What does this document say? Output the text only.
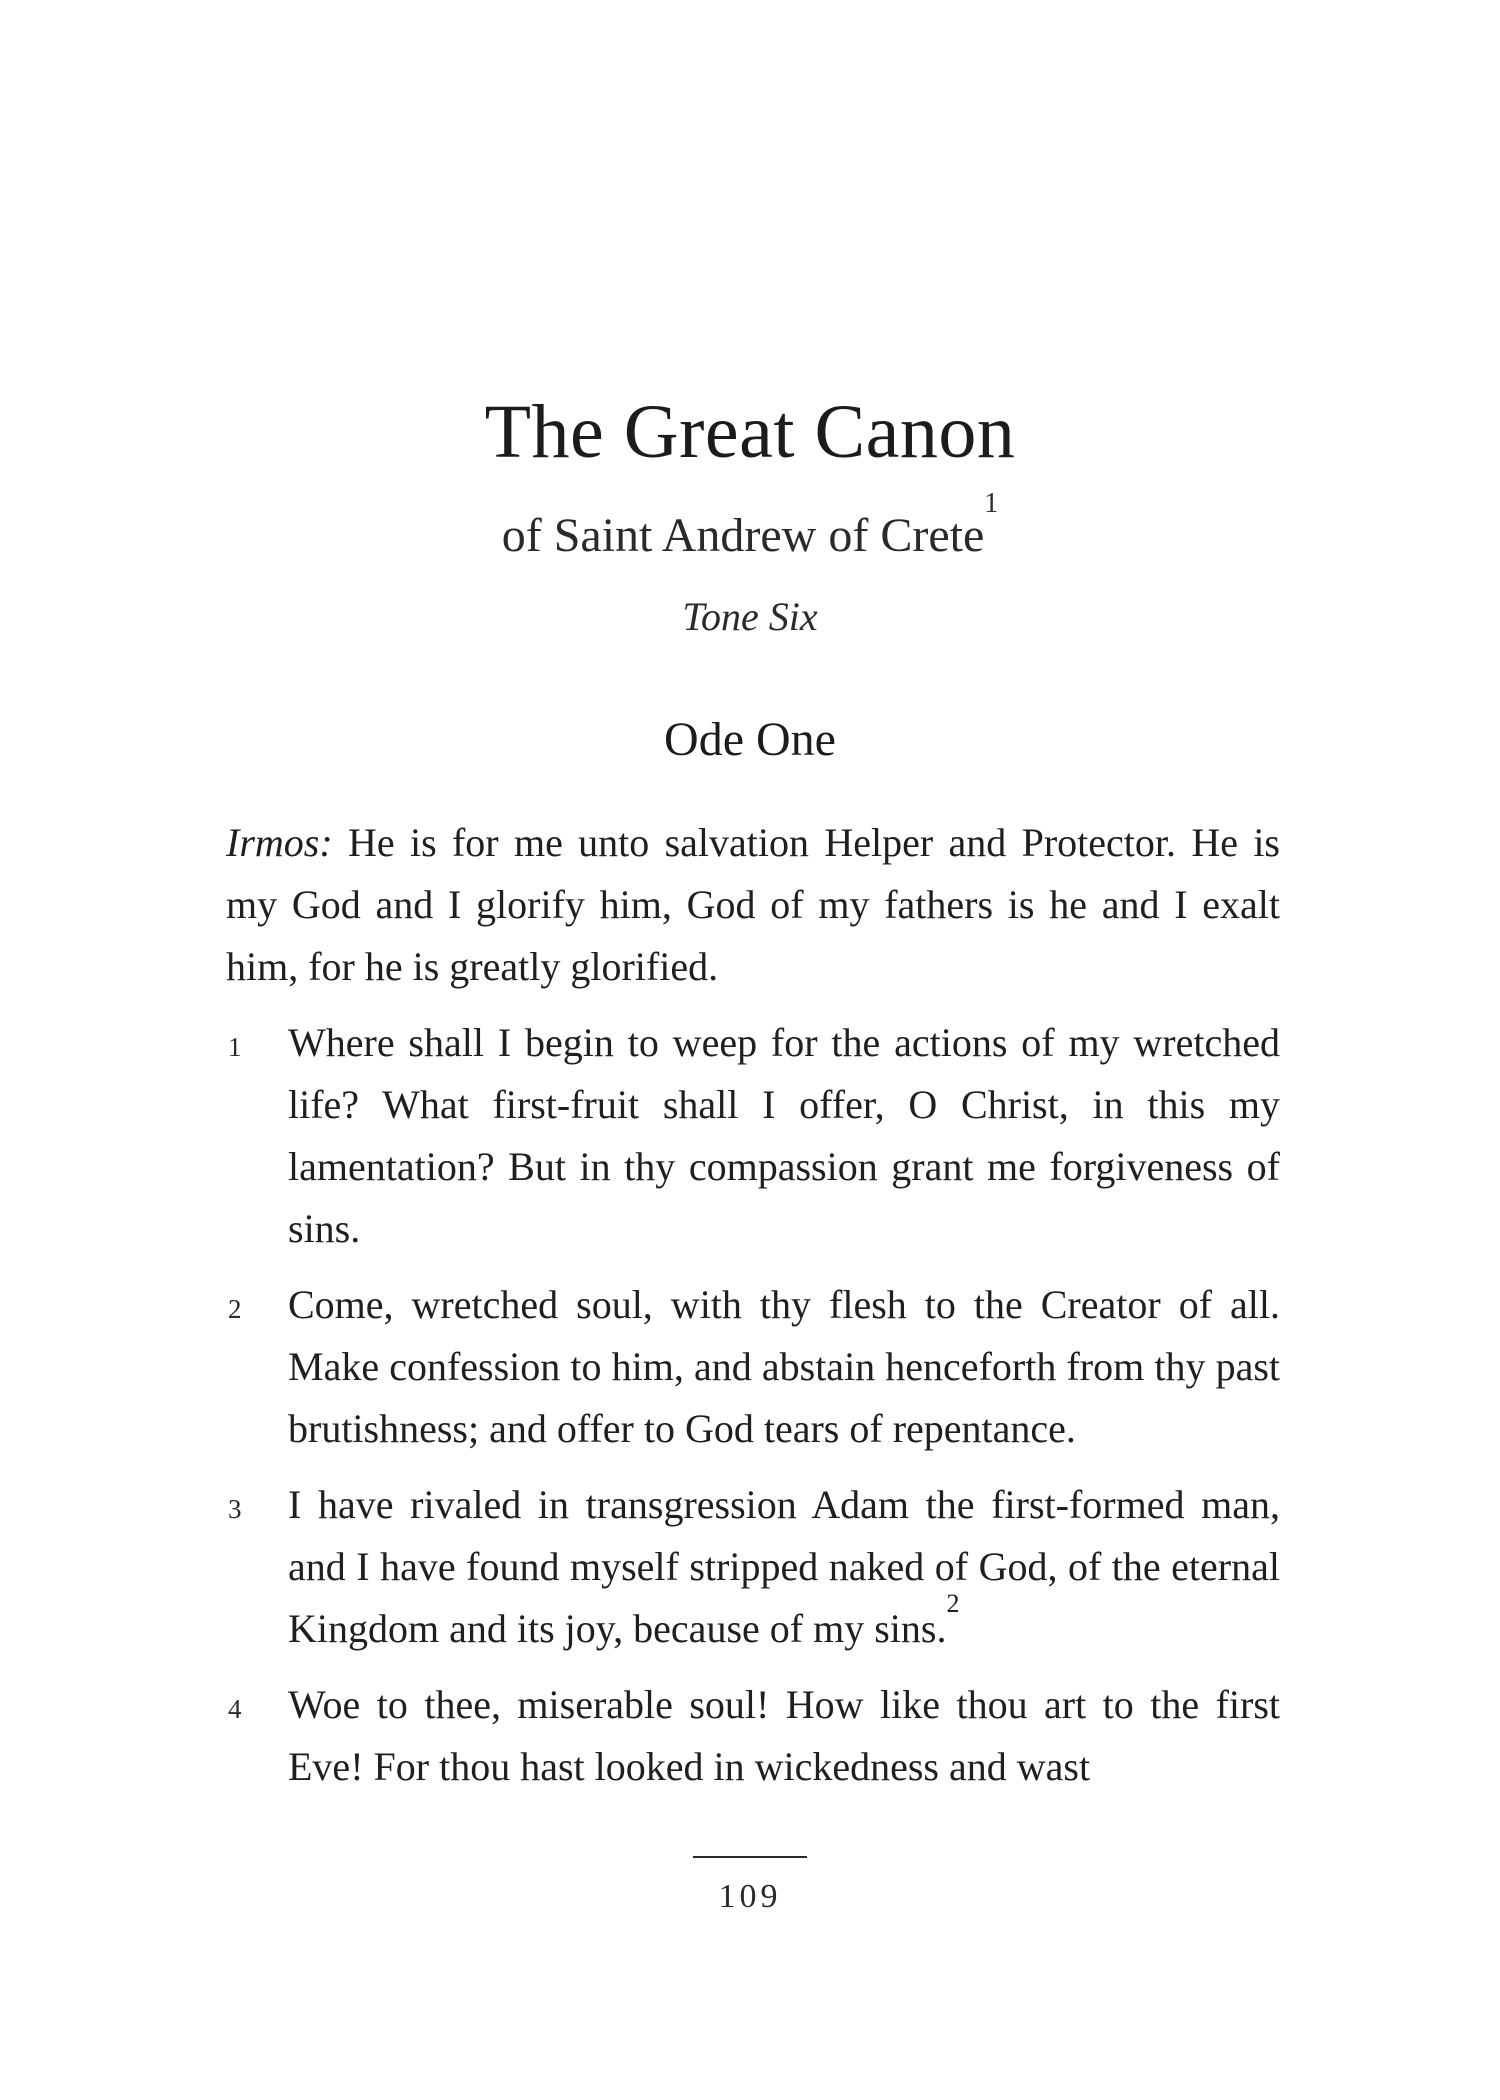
The Great Canon
of Saint Andrew of Crete$^1$
Tone Six
Ode One

Irmos: He is for me unto salvation Helper and Protector. He is my God and I glorify him, God of my fathers is he and I exalt him, for he is greatly glorified.

1 Where shall I begin to weep for the actions of my wretched life? What first-fruit shall I offer, O Christ, in this my lamentation? But in thy compassion grant me forgiveness of sins.
2 Come, wretched soul, with thy flesh to the Creator of all. Make confession to him, and abstain henceforth from thy past brutishness; and offer to God tears of repentance.
3 I have rivaled in transgression Adam the first-formed man, and I have found myself stripped naked of God, of the eternal Kingdom and its joy, because of my sins.$^2$
4 Woe to thee, miserable soul! How like thou art to the first Eve! For thou hast looked in wickedness and wast
109
